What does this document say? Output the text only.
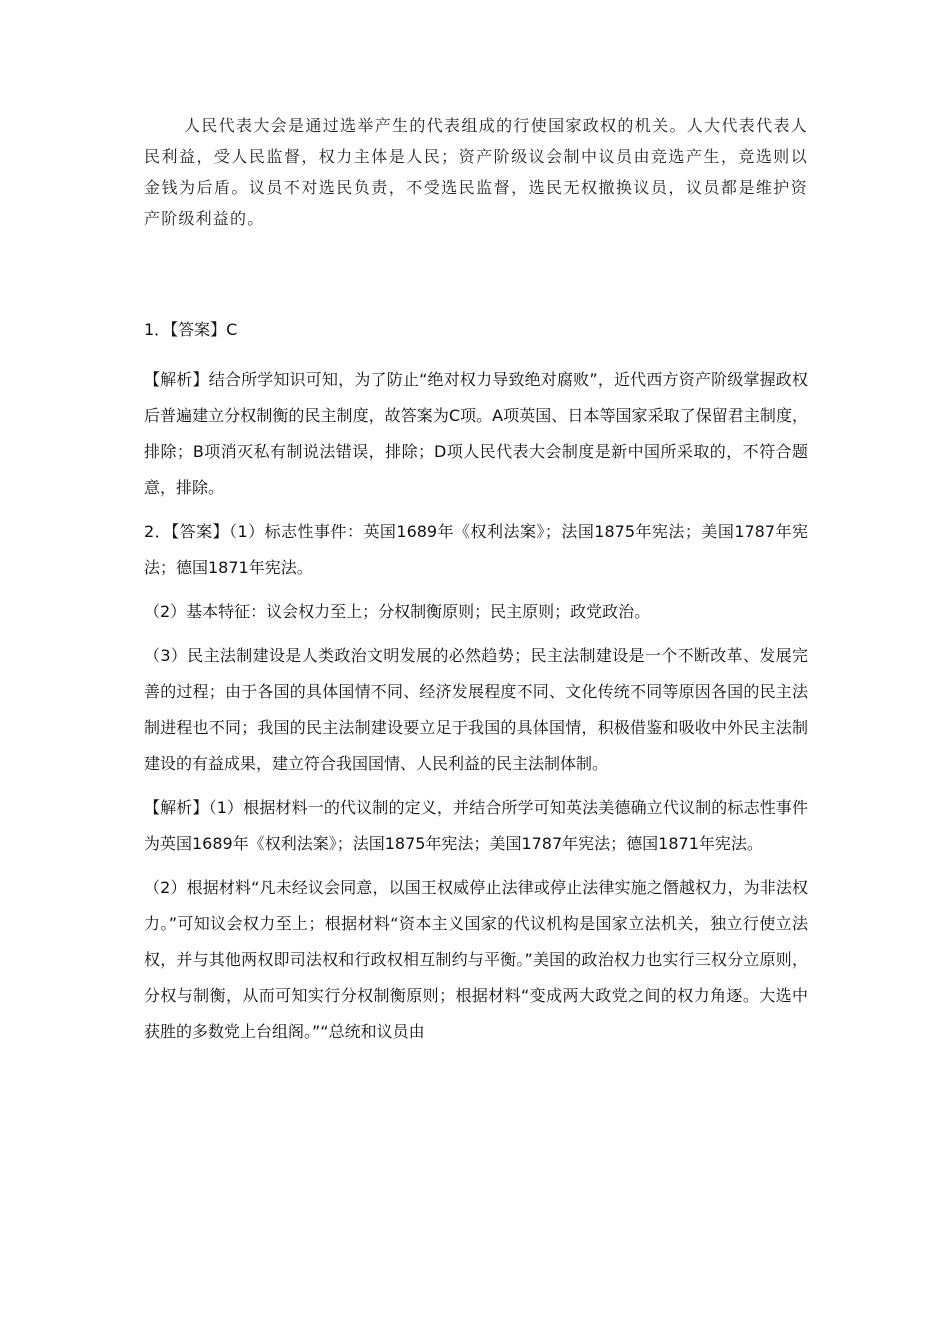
人民代表大会是通过选举产生的代表组成的行使国家政权的机关。人大代表代表人民利益，受人民监督，权力主体是人民；资产阶级议会制中议员由竞选产生，竞选则以金钱为后盾。议员不对选民负责，不受选民监督，选民无权撤换议员，议员都是维护资产阶级利益的。

1．【答案】C

【解析】结合所学知识可知，为了防止“绝对权力导致绝对腐败”，近代西方资产阶级掌握政权后普遍建立分权制衡的民主制度，故答案为C项。A项英国、日本等国家采取了保留君主制度，排除；B项消灭私有制说法错误，排除；D项人民代表大会制度是新中国所采取的，不符合题意，排除。

2．【答案】（1）标志性事件：英国1689年《权利法案》；法国1875年宪法；美国1787年宪法；德国1871年宪法。

（2）基本特征：议会权力至上；分权制衡原则；民主原则；政党政治。

（3）民主法制建设是人类政治文明发展的必然趋势；民主法制建设是一个不断改革、发展完善的过程；由于各国的具体国情不同、经济发展程度不同、文化传统不同等原因各国的民主法制进程也不同；我国的民主法制建设要立足于我国的具体国情，积极借鉴和吸收中外民主法制建设的有益成果，建立符合我国国情、人民利益的民主法制体制。

【解析】（1）根据材料一的代议制的定义，并结合所学可知英法美德确立代议制的标志性事件为英国1689年《权利法案》；法国1875年宪法；美国1787年宪法；德国1871年宪法。

（2）根据材料“凡未经议会同意，以国王权威停止法律或停止法律实施之僭越权力，为非法权力。”可知议会权力至上；根据材料“资本主义国家的代议机构是国家立法机关，独立行使立法权，并与其他两权即司法权和行政权相互制约与平衡。”美国的政治权力也实行三权分立原则，分权与制衡，从而可知实行分权制衡原则；根据材料“变成两大政党之间的权力角逐。大选中获胜的多数党上台组阁。”“总统和议员由
